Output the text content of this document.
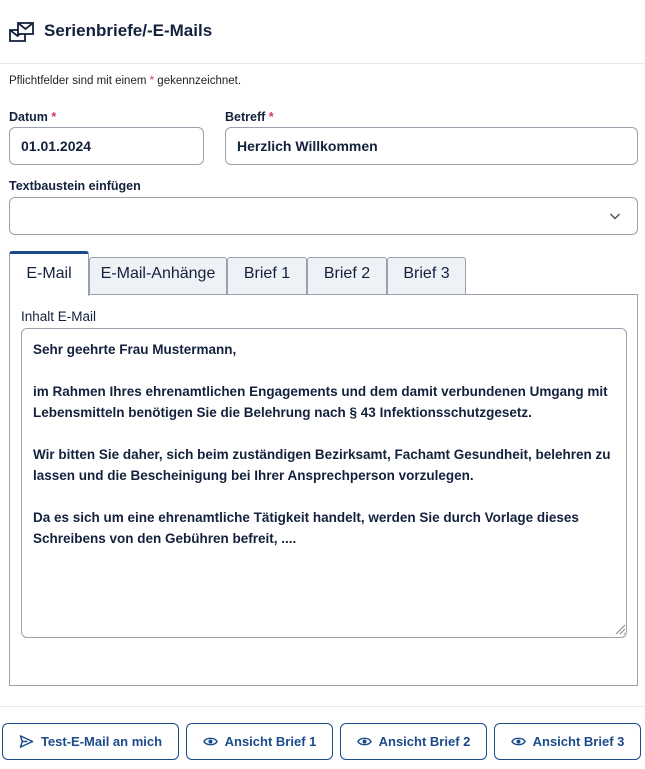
Serienbriefe/-E-Mails
Pflichtfelder sind mit einem * gekennzeichnet.
Datum *
01.01.2024
Betreff *
Herzlich Willkommen
Textbaustein einfügen
E-Mail	E-Mail-Anhänge	Brief 1	Brief 2	Brief 3
Inhalt E-Mail
Sehr geehrte Frau Mustermann,

im Rahmen Ihres ehrenamtlichen Engagements und dem damit verbundenen Umgang mit Lebensmitteln benötigen Sie die Belehrung nach § 43 Infektionsschutzgesetz.

Wir bitten Sie daher, sich beim zuständigen Bezirksamt, Fachamt Gesundheit, belehren zu lassen und die Bescheinigung bei Ihrer Ansprechperson vorzulegen.

Da es sich um eine ehrenamtliche Tätigkeit handelt, werden Sie durch Vorlage dieses Schreibens von den Gebühren befreit, ....
Test-E-Mail an mich	Ansicht Brief 1	Ansicht Brief 2	Ansicht Brief 3
